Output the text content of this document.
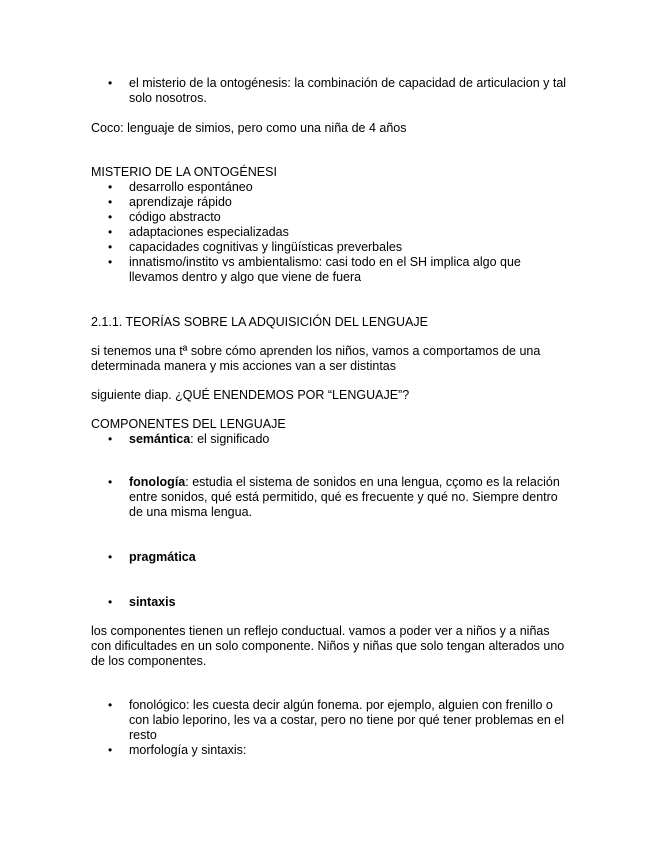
• el misterio de la ontogénesis: la combinación de capacidad de articulacion y tal solo nosotros.

Coco: lenguaje de simios, pero como una niña de 4 años

MISTERIO DE LA ONTOGÉNESI

• desarrollo espontáneo
• aprendizaje rápido
• código abstracto
• adaptaciones especializadas
• capacidades cognitivas y lingüísticas preverbales
• innatismo/instito vs ambientalismo: casi todo en el SH implica algo que llevamos dentro y algo que viene de fuera

2.1.1. TEORÍAS SOBRE LA ADQUISICIÓN DEL LENGUAJE

si tenemos una tª sobre cómo aprenden los niños, vamos a comportamos de una determinada manera y mis acciones van a ser distintas

siguiente diap. ¿QUÉ ENENDEMOS POR “LENGUAJE”?

COMPONENTES DEL LENGUAJE

• semántica: el significado
• fonología: estudia el sistema de sonidos en una lengua, cçomo es la relación entre sonidos, qué está permitido, qué es frecuente y qué no. Siempre dentro de una misma lengua.
• pragmática
• sintaxis

los componentes tienen un reflejo conductual. vamos a poder ver a niños y a niñas con dificultades en un solo componente. Niños y niñas que solo tengan alterados uno de los componentes.

• fonológico: les cuesta decir algún fonema. por ejemplo, alguien con frenillo o con labio leporino, les va a costar, pero no tiene por qué tener problemas en el resto
• morfología y sintaxis:
